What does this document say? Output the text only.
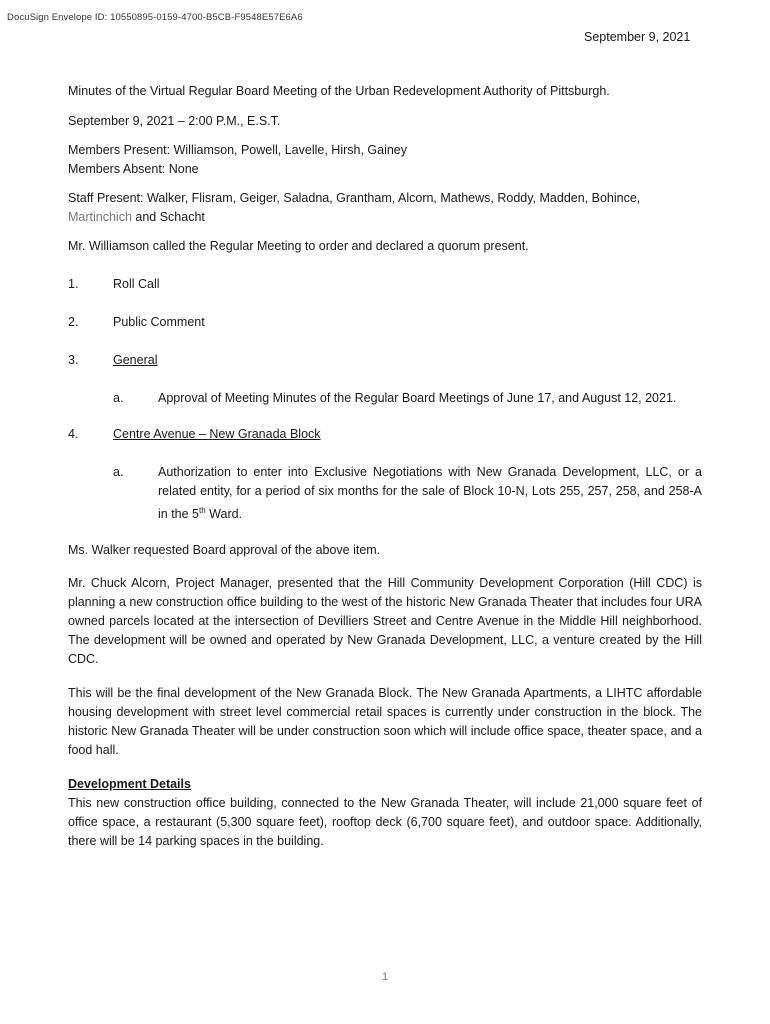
DocuSign Envelope ID: 10550895-0159-4700-B5CB-F9548E57E6A6
September 9, 2021

Minutes of the Virtual Regular Board Meeting of the Urban Redevelopment Authority of Pittsburgh.

September 9, 2021 – 2:00 P.M., E.S.T.

Members Present: Williamson, Powell, Lavelle, Hirsh, Gainey

Members Absent: None

Staff Present: Walker, Flisram, Geiger, Saladna, Grantham, Alcorn, Mathews, Roddy, Madden, Bohince,
Martinchich and Schacht

Mr. Williamson called the Regular Meeting to order and declared a quorum present.

1.	Roll Call
2.	Public Comment
3.	General
a.	Approval of Meeting Minutes of the Regular Board Meetings of June 17, and August 12, 2021.
4.	Centre Avenue – New Granada Block
a.	Authorization to enter into Exclusive Negotiations with New Granada Development, LLC, or a related entity, for a period of six months for the sale of Block 10-N, Lots 255, 257, 258, and 258-A in the 5th Ward.

Ms. Walker requested Board approval of the above item.

Mr. Chuck Alcorn, Project Manager, presented that the Hill Community Development Corporation (Hill CDC) is planning a new construction office building to the west of the historic New Granada Theater that includes four URA owned parcels located at the intersection of Devilliers Street and Centre Avenue in the Middle Hill neighborhood. The development will be owned and operated by New Granada Development, LLC, a venture created by the Hill CDC.

This will be the final development of the New Granada Block. The New Granada Apartments, a LIHTC affordable housing development with street level commercial retail spaces is currently under construction in the block. The historic New Granada Theater will be under construction soon which will include office space, theater space, and a food hall.

Development Details

This new construction office building, connected to the New Granada Theater, will include 21,000 square feet of office space, a restaurant (5,300 square feet), rooftop deck (6,700 square feet), and outdoor space. Additionally, there will be 14 parking spaces in the building.

1
